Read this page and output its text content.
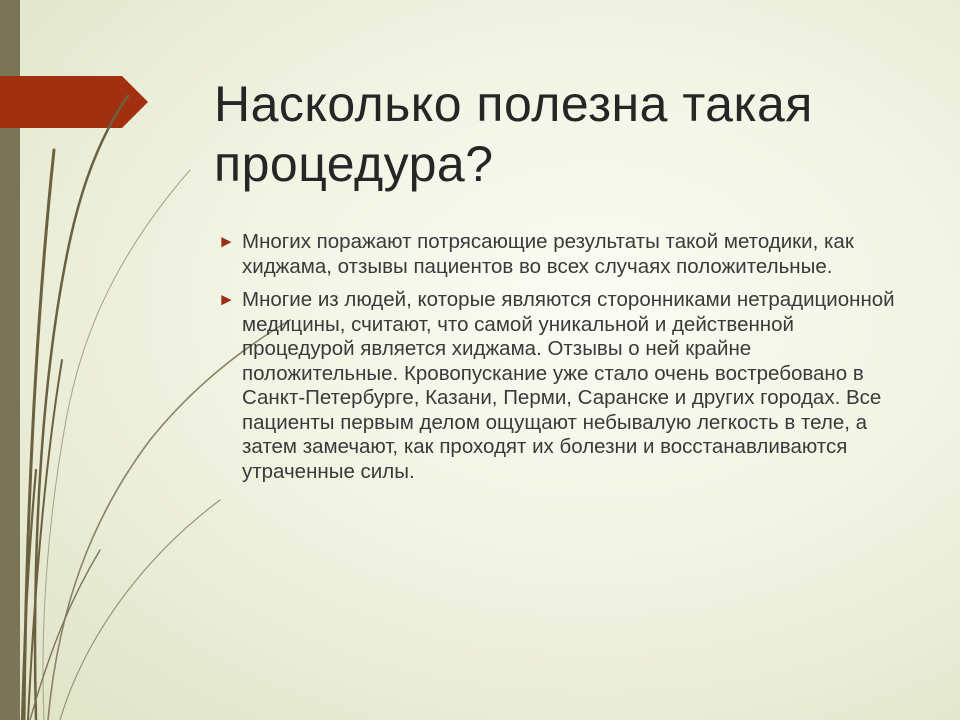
Насколько полезна такая
процедура?
► Многих поражают потрясающие результаты такой методики, как хиджама, отзывы пациентов во всех случаях положительные.
► Многие из людей, которые являются сторонниками нетрадиционной медицины, считают, что самой уникальной и действенной процедурой является хиджама. Отзывы о ней крайне положительные. Кровопускание уже стало очень востребовано в Санкт-Петербурге, Казани, Перми, Саранске и других городах. Все пациенты первым делом ощущают небывалую легкость в теле, а затем замечают, как проходят их болезни и восстанавливаются утраченные силы.
